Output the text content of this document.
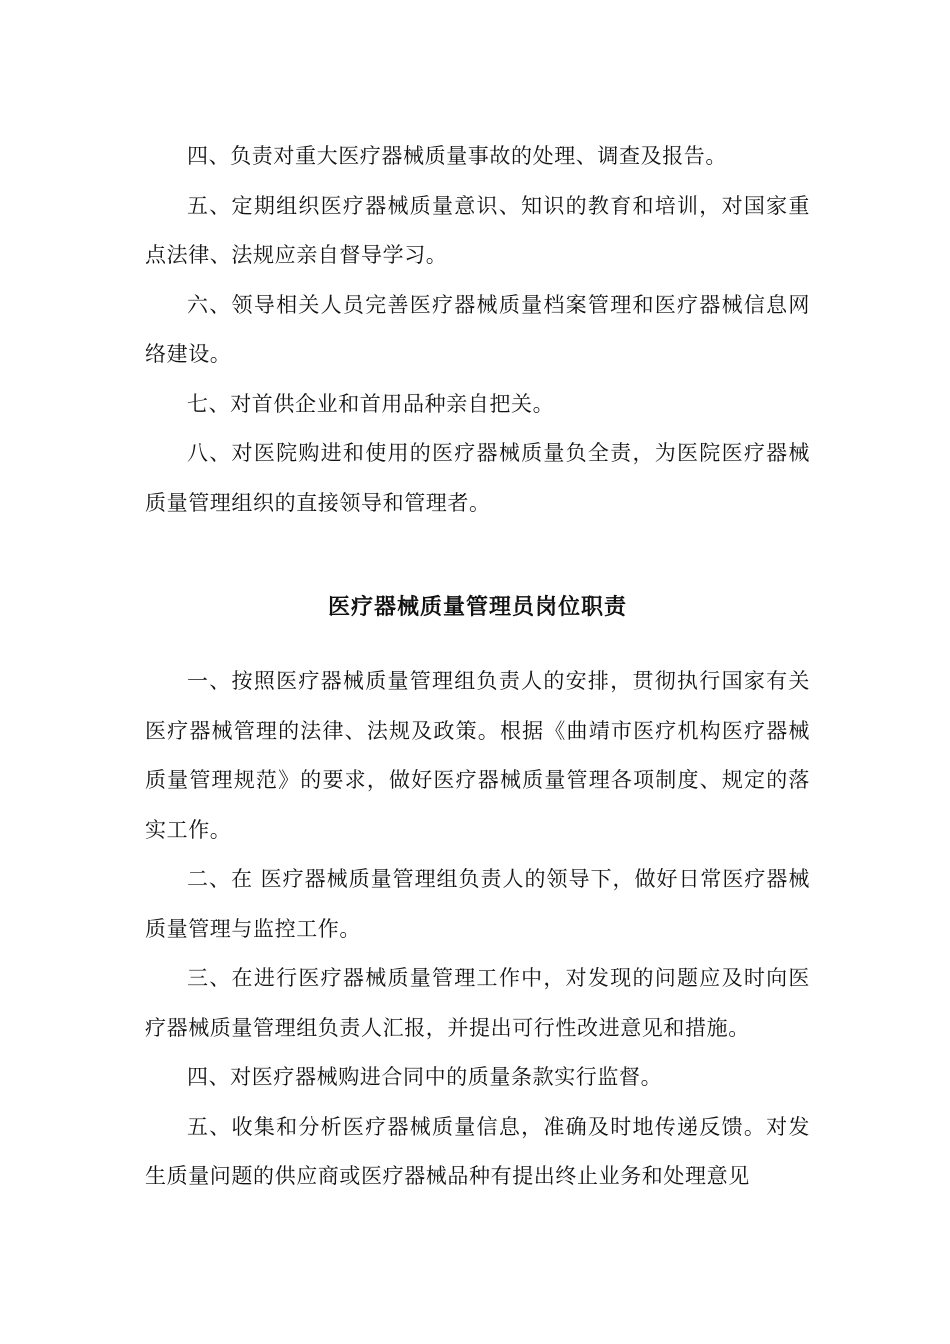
四、负责对重大医疗器械质量事故的处理、调查及报告。

五、定期组织医疗器械质量意识、知识的教育和培训，对国家重点法律、法规应亲自督导学习。

六、领导相关人员完善医疗器械质量档案管理和医疗器械信息网络建设。

七、对首供企业和首用品种亲自把关。

八、对医院购进和使用的医疗器械质量负全责，为医院医疗器械质量管理组织的直接领导和管理者。

医疗器械质量管理员岗位职责

一、按照医疗器械质量管理组负责人的安排，贯彻执行国家有关医疗器械管理的法律、法规及政策。根据《曲靖市医疗机构医疗器械质量管理规范》的要求，做好医疗器械质量管理各项制度、规定的落实工作。

二、在 医疗器械质量管理组负责人的领导下，做好日常医疗器械质量管理与监控工作。

三、在进行医疗器械质量管理工作中，对发现的问题应及时向医疗器械质量管理组负责人汇报，并提出可行性改进意见和措施。

四、对医疗器械购进合同中的质量条款实行监督。

五、收集和分析医疗器械质量信息，准确及时地传递反馈。对发生质量问题的供应商或医疗器械品种有提出终止业务和处理意见
